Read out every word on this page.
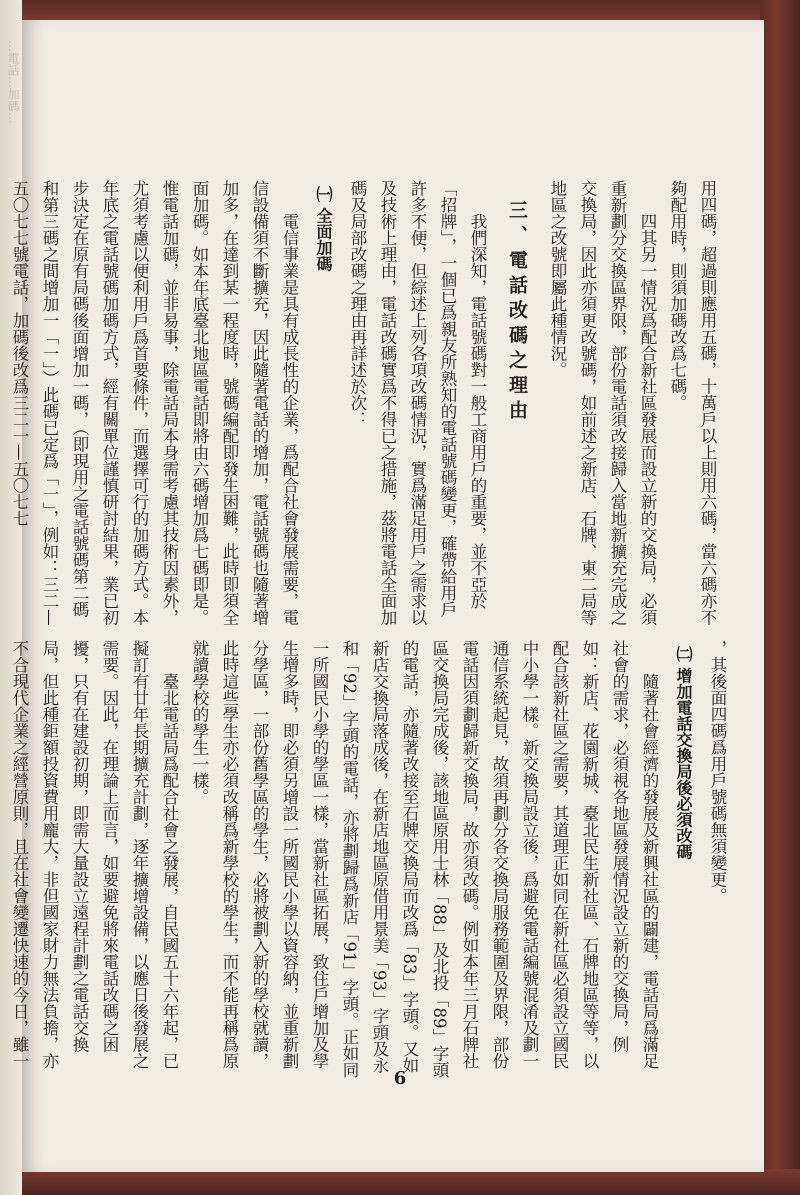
…電話…加碼…

用四碼，超過則應用五碼，十萬戶以上則用六碼，當六碼亦不夠配用時，則須加碼改爲七碼。

四其另一情況爲配合新社區發展而設立新的交換局，必須重新劃分交換區界限，部份電話須改接歸入當地新擴充完成之交換局，因此亦須更改號碼，如前述之新店、石牌、東二局等地區之改號即屬此種情況。

三、電話改碼之理由

我們深知，電話號碼對一般工商用戶的重要，並不亞於「招牌」，一個已爲親友所熟知的電話號碼變更，確帶給用戶許多不便，但綜述上列各項改碼情況，實爲滿足用戶之需求以及技術上理由，電話改碼實爲不得已之措施，茲將電話全面加碼及局部改碼之理由再詳述於次：

㈠ 全面加碼

電信事業是具有成長性的企業，爲配合社會發展需要，電信設備須不斷擴充，因此隨著電話的增加，電話號碼也隨著增加多，在達到某一程度時，號碼編配即發生困難，此時即須全面加碼。如本年底臺北地區電話即將由六碼增加爲七碼即是。惟電話加碼，並非易事，除電話局本身需考慮其技術因素外，尤須考慮以便利用戶爲首要條件，而選擇可行的加碼方式。本年底之電話號碼加碼方式，經有關單位謹慎研討結果，業已初步決定在原有局碼後面增加一碼，（即現用之電話號碼第二碼和第三碼之間增加一「一」）此碼已定爲「一」，例如：三二—五〇七七號電話，加碼後改爲三二一—五〇七七

，其後面四碼爲用戶號碼無須變更。

㈡ 增加電話交換局後必須改碼

隨著社會經濟的發展及新興社區的闢建，電話局爲滿足社會的需求，必須視各地區發展情況設立新的交換局，例如：新店、花園新城、臺北民生新社區、石牌地區等等，以配合該新社區之需要，其道理正如同在新社區必須設立國民中小學一樣。新交換局設立後，爲避免電話編號混淆及劃一通信系統起見，故須再劃分各交換局服務範圍及界限，部份電話因須劃歸新交換局，故亦須改碼。例如本年三月石牌社區交換局完成後，該地區原用士林「88」及北投「89」字頭的電話，亦隨著改接至石牌交換局而改爲「83」字頭。又如新店交換局落成後，在新店地區原借用景美「93」字頭及永和「92」字頭的電話，亦將劃歸爲新店「91」字頭。正如同一所國民小學的學區一樣，當新社區拓展，致住戶增加及學生增多時，即必須另增設一所國民小學以資容納，並重新劃分學區，一部份舊學區的學生，必將被劃入新的學校就讀，此時這些學生亦必須改稱爲新學校的學生，而不能再稱爲原就讀學校的學生一樣。

臺北電話局爲配合社會之發展，自民國五十六年起，已擬訂有廿年長期擴充計劃，逐年擴增設備，以應日後發展之需要。因此，在理論上而言，如要避免將來電話改碼之困擾，只有在建設初期，即需大量設立遠程計劃之電話交換局，但此種鉅額投資費用龐大，非但國家財力無法負擔，亦不合現代企業之經營原則，且在社會變遷快速的今日，雖一

6
